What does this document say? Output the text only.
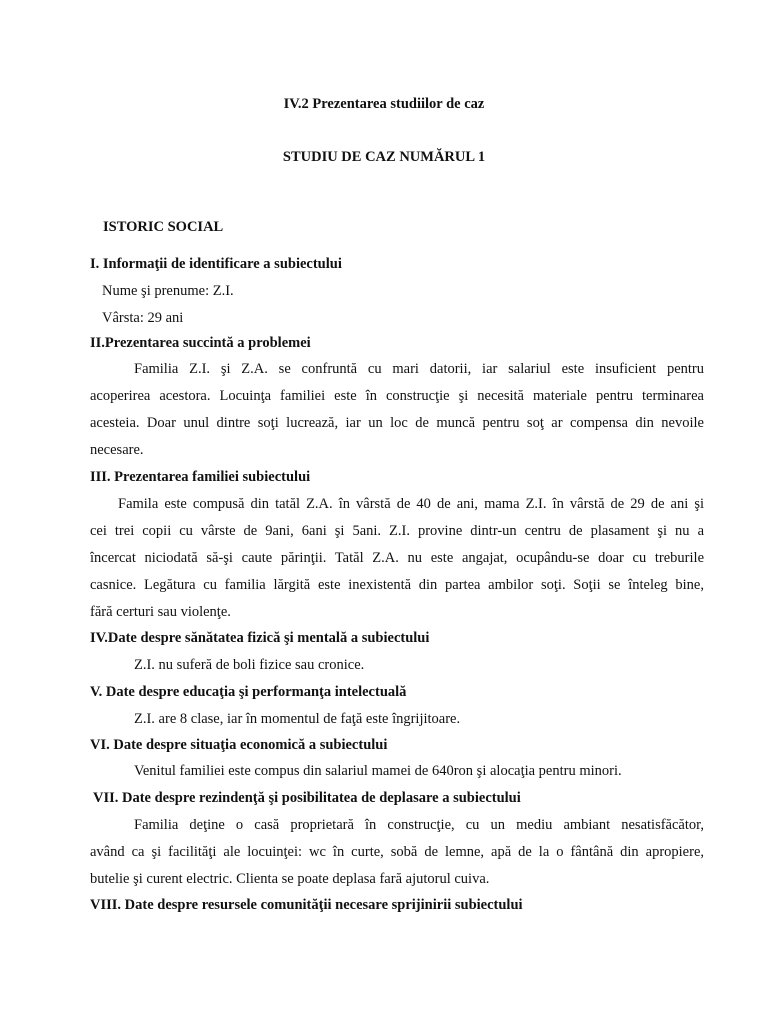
IV.2 Prezentarea studiilor de caz
STUDIU DE CAZ NUMĂRUL 1
ISTORIC SOCIAL
I. Informaţii de identificare a subiectului
Nume şi prenume: Z.I.
Vârsta: 29 ani
II.Prezentarea succintă a problemei
Familia Z.I. şi Z.A. se confruntă cu mari datorii, iar salariul este insuficient pentru
acoperirea acestora. Locuinţa familiei este în construcţie şi necesită materiale pentru terminarea
acesteia. Doar unul dintre soţi lucrează, iar un loc de muncă pentru soţ ar compensa din nevoile
necesare.
III. Prezentarea familiei subiectului
Famila este compusă din tatăl Z.A. în vârstă de 40 de ani, mama Z.I. în vârstă de 29 de ani şi
cei trei copii cu vârste de 9ani, 6ani şi 5ani. Z.I. provine dintr-un centru de plasament şi nu a
încercat niciodată să-şi caute părinţii. Tatăl Z.A. nu este angajat, ocupându-se doar cu treburile
casnice. Legătura cu familia lărgită este inexistentă din partea ambilor soţi. Soţii se înteleg bine,
fără certuri sau violenţe.
IV.Date despre sănătatea fizică şi mentală a subiectului
Z.I. nu suferă de boli fizice sau cronice.
V. Date despre educaţia şi performanţa intelectuală
Z.I. are 8 clase, iar în momentul de faţă este îngrijitoare.
VI. Date despre situaţia economică a subiectului
Venitul familiei este compus din salariul mamei de 640ron şi alocaţia pentru minori.
VII. Date despre rezindenţă şi posibilitatea de deplasare a subiectului
Familia deţine o casă proprietară în construcţie, cu un mediu ambiant nesatisfăcător,
având ca şi facilităţi ale locuinţei: wc în curte, sobă de lemne, apă de la o fântână din apropiere,
butelie şi curent electric. Clienta se poate deplasa fară ajutorul cuiva.
VIII. Date despre resursele comunităţii necesare sprijinirii subiectului
